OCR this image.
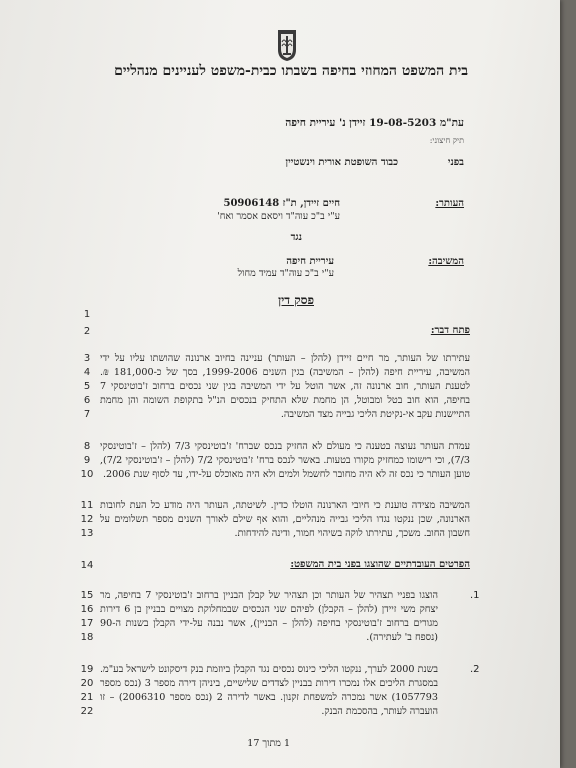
בית המשפט המחוזי בחיפה בשבתו כבית-משפט לעניינים מנהליים
עת"מ 19-08-5203 זיידן נ' עיריית חיפה
תיק חיצוני:
בפני
כבוד השופטת אורית וינשטיין
העותר:
חיים זיידן, ת"ז 50906148
ע"י ב"כ עוה"ד ויסאם אסמר ואח'
נגד
המשיבה:
עיריית חיפה
ע"י ב"כ עוה"ד עמיד מחול
פסק דין
1
2
3
4
5
6
7
8
9
10
11
12
13
14
15
16
17
18
19
20
21
22
פתח דבר:
עתירתו של העותר, מר חיים זיידן (להלן – העותר) עניינה בחיוב ארנונה שהושתו עליו על ידי המשיבה, עיריית חיפה (להלן – המשיבה) בגין השנים 1999-2006, בסך של כ-181,000 ₪. לטענת העותר, חוב ארנונה זה, אשר הוטל על ידי המשיבה בגין שני נכסים ברחוב ז'בוטינסקי 7 בחיפה, הוא חוב בטל ומבוטל, הן מחמת שלא התחיק בנכסים הנ"ל בתקופת השומה והן מחמת התיישנות עקב אי-נקיטת הליכי גבייה מצד המשיבה.
עמדת העותר נעוצה בטענה כי מעולם לא החזיק בנכס שברח' ז'בוטינסקי 7/3 (להלן – ז'בוטינסקי 7/3), וכי רישומו כמחזיק מקורו בטעות. באשר לנכס ברח' ז'בוטינסקי 7/2 (להלן – ז'בוטינסקי 7/2), טוען העותר כי נכס זה לא היה מחובר לחשמל ולמים ולא היה מאוכלס על-ידו, עד לסוף שנת 2006.
המשיבה מצידה טוענת כי חיובי הארנונה הוטלו כדין. לשיטתה, העותר היה מודע כל העת לחובות הארנונה, שכן ננקטו נגדו הליכי גבייה מנהליים, והוא אף שילם לאורך השנים מספר תשלומים על חשבון החוב. משכך, עתירתו לוקה בשיהוי חמור, ודינה להידחות.
הפרטים העובדתיים שהוצגו בפני בית המשפט:
.1
הוצגו בפניי תצהיר של העותר וכן תצהיר של קבלן הבניין ברחוב ז'בוטינסקי 7 בחיפה, מר יצחק משי זיידן (להלן – הקבלן) לפיהם שני הנכסים שבמחלוקת מצויים בבניין בן 6 דירות מגורים ברחוב ז'בוטינסקי בחיפה (להלן – הבניין), אשר נבנה על-ידי הקבלן בשנות ה-90 (נספח ב' לעתירה).
.2
בשנת 2000 לערך, ננקטו הליכי כינוס נכסים נגד הקבלן ביוזמת בנק דיסקונט לישראל בע"מ. במסגרת הליכים אלו נמכרו דירות בבניין לצדדים שלישיים, ביניהן דירה מספר 3 (נכס מספר 1057793) אשר נמכרה למשפחת זקנון. באשר לדירה 2 (נכס מספר 2006310) – זו הועברה לעותר, בהסכמת הבנק.
1 מתוך 17
